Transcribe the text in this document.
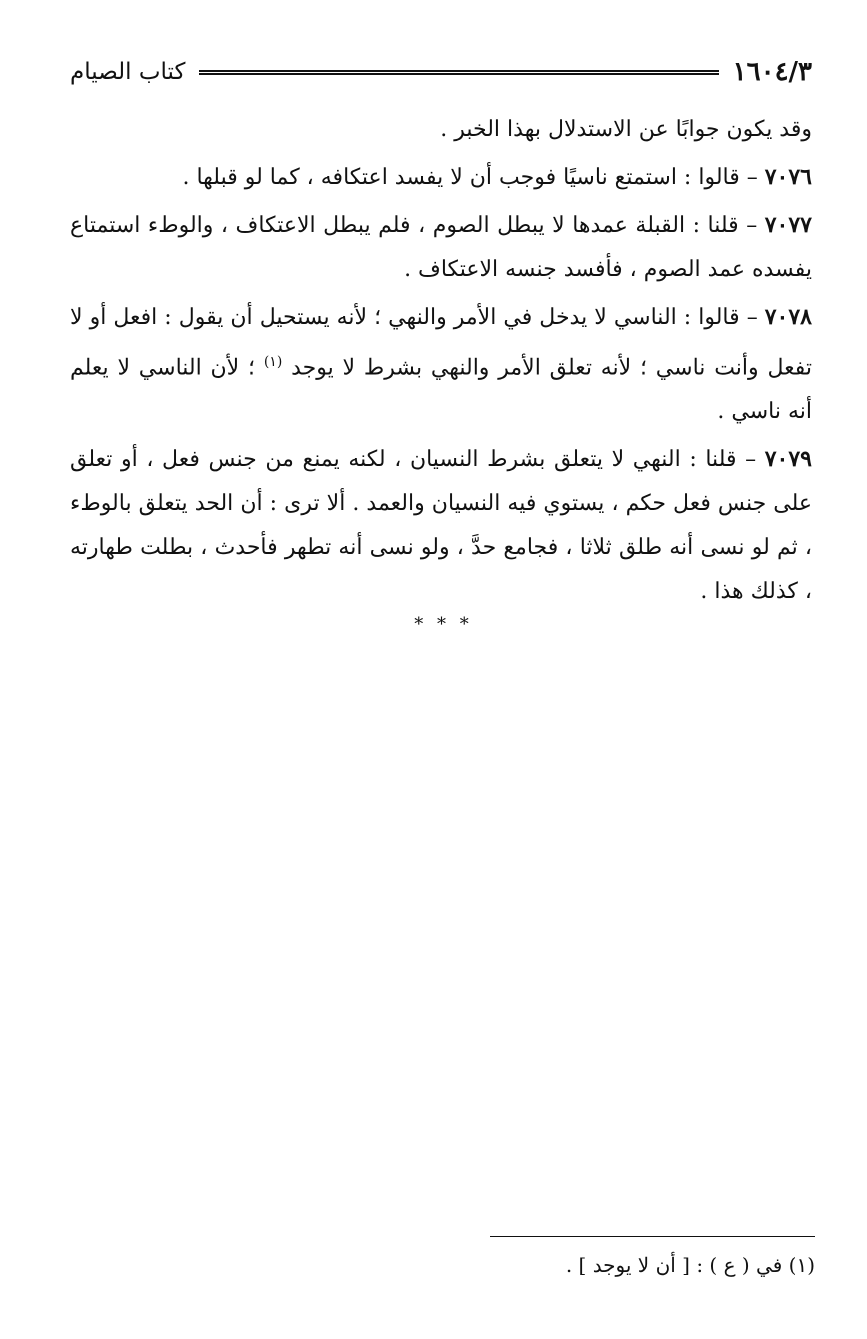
١٦٠٤/٣
كتاب الصيام

وقد يكون جوابًا عن الاستدلال بهذا الخبر .

٧٠٧٦ – قالوا : استمتع ناسيًا فوجب أن لا يفسد اعتكافه ، كما لو قبلها .

٧٠٧٧ – قلنا : القبلة عمدها لا يبطل الصوم ، فلم يبطل الاعتكاف ، والوطء استمتاع يفسده عمد الصوم ، فأفسد جنسه الاعتكاف .

٧٠٧٨ – قالوا : الناسي لا يدخل في الأمر والنهي ؛ لأنه يستحيل أن يقول : افعل أو لا تفعل وأنت ناسي ؛ لأنه تعلق الأمر والنهي بشرط لا يوجد $^{(١)}$ ؛ لأن الناسي لا يعلم أنه ناسي .

٧٠٧٩ – قلنا : النهي لا يتعلق بشرط النسيان ، لكنه يمنع من جنس فعل ، أو تعلق على جنس فعل حكم ، يستوي فيه النسيان والعمد . ألا ترى : أن الحد يتعلق بالوطء ، ثم لو نسى أنه طلق ثلاثا ، فجامع حدَّ ، ولو نسى أنه تطهر فأحدث ، بطلت طهارته ، كذلك هذا .

* * *
(١) في ( ع ) : [ أن لا يوجد ] .
